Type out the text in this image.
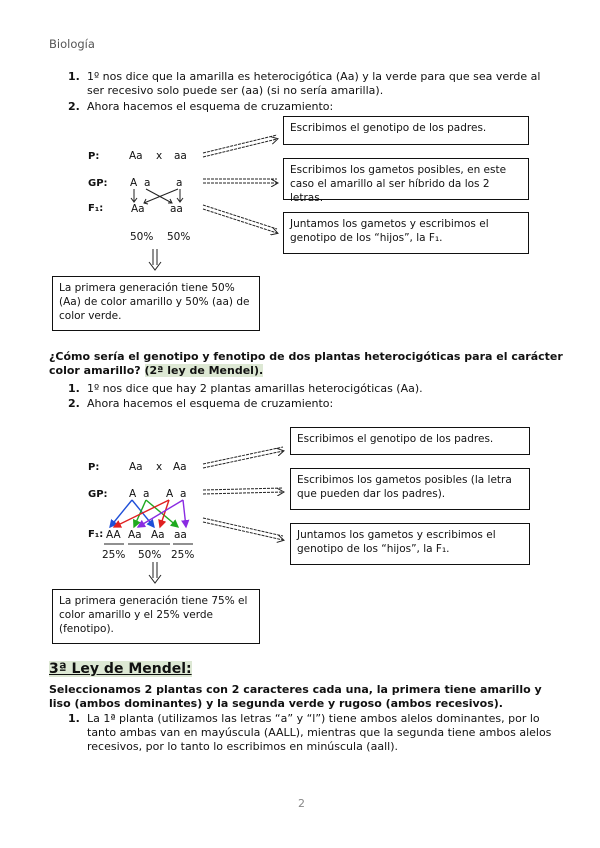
Biología
1. 1º nos dice que la amarilla es heterocigótica (Aa) y la verde para que sea verde al
ser recesivo solo puede ser (aa) (si no sería amarilla).
2. Ahora hacemos el esquema de cruzamiento:
P:
GP:
F₁:
Aa x aa
A a a
Aa aa
50% 50%
Escribimos el genotipo de los padres.
Escribimos los gametos posibles, en este caso el amarillo al ser híbrido da los 2 letras.
Juntamos los gametos y escribimos el genotipo de los “hijos”, la F₁.
La primera generación tiene 50% (Aa) de color amarillo y 50% (aa) de color verde.
¿Cómo sería el genotipo y fenotipo de dos plantas heterocigóticas para el carácter color amarillo? (2ª ley de Mendel).
1. 1º nos dice que hay 2 plantas amarillas heterocigóticas (Aa).
2. Ahora hacemos el esquema de cruzamiento:
P:
GP:
F₁:
Aa x Aa
A a A a
AA Aa Aa aa
25% 50% 25%
Escribimos el genotipo de los padres.
Escribimos los gametos posibles (la letra que pueden dar los padres).
Juntamos los gametos y escribimos el genotipo de los “hijos”, la F₁.
La primera generación tiene 75% el color amarillo y el 25% verde (fenotipo).
3ª Ley de Mendel:
Seleccionamos 2 plantas con 2 caracteres cada una, la primera tiene amarillo y liso (ambos dominantes) y la segunda verde y rugoso (ambos recesivos).
1. La 1ª planta (utilizamos las letras “a” y “l”) tiene ambos alelos dominantes, por lo tanto ambas van en mayúscula (AALL), mientras que la segunda tiene ambos alelos recesivos, por lo tanto lo escribimos en minúscula (aall).
2
